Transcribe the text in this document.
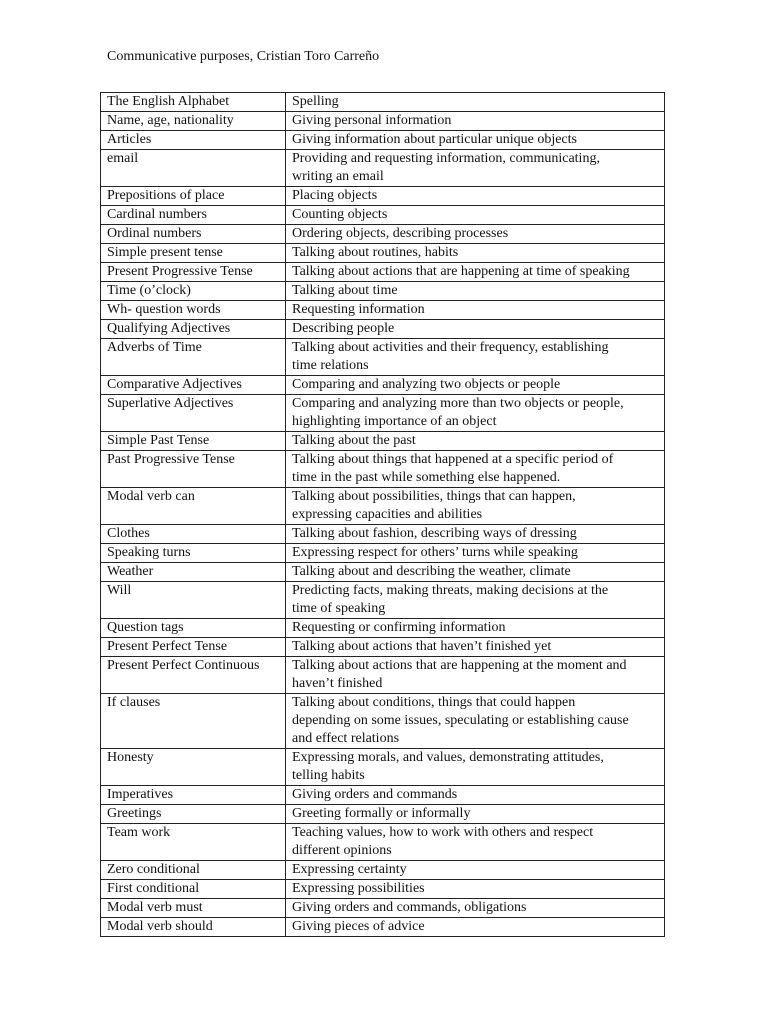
Communicative purposes, Cristian Toro Carreño
The English Alphabet	Spelling

Name, age, nationality	Giving personal information

Articles	Giving information about particular unique objects

email	Providing and requesting information, communicating,
writing an email

Prepositions of place	Placing objects

Cardinal numbers	Counting objects

Ordinal numbers	Ordering objects, describing processes

Simple present tense	Talking about routines, habits

Present Progressive Tense	Talking about actions that are happening at time of speaking

Time (o’clock)	Talking about time

Wh- question words	Requesting information

Qualifying Adjectives	Describing people

Adverbs of Time	Talking about activities and their frequency, establishing
time relations

Comparative Adjectives	Comparing and analyzing two objects or people

Superlative Adjectives	Comparing and analyzing more than two objects or people,
highlighting importance of an object

Simple Past Tense	Talking about the past

Past Progressive Tense	Talking about things that happened at a specific period of
time in the past while something else happened.

Modal verb can	Talking about possibilities, things that can happen,
expressing capacities and abilities

Clothes	Talking about fashion, describing ways of dressing

Speaking turns	Expressing respect for others’ turns while speaking

Weather	Talking about and describing the weather, climate

Will	Predicting facts, making threats, making decisions at the
time of speaking

Question tags	Requesting or confirming information

Present Perfect Tense	Talking about actions that haven’t finished yet

Present Perfect Continuous	Talking about actions that are happening at the moment and
haven’t finished

If clauses	Talking about conditions, things that could happen
depending on some issues, speculating or establishing cause
and effect relations

Honesty	Expressing morals, and values, demonstrating attitudes,
telling habits

Imperatives	Giving orders and commands

Greetings	Greeting formally or informally

Team work	Teaching values, how to work with others and respect
different opinions

Zero conditional	Expressing certainty

First conditional	Expressing possibilities

Modal verb must	Giving orders and commands, obligations

Modal verb should	Giving pieces of advice
